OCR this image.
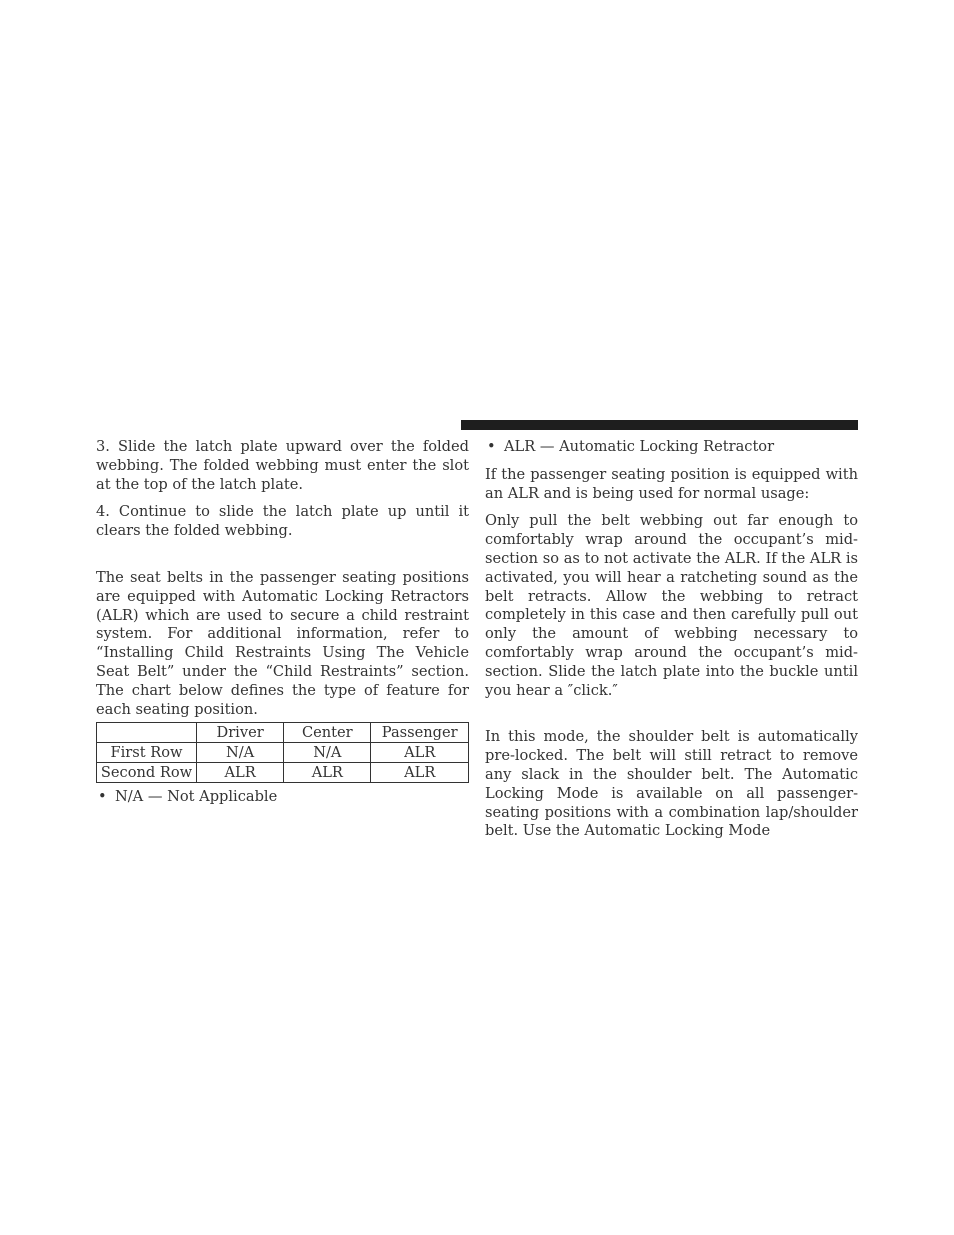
3. Slide the latch plate upward over the folded webbing. The folded webbing must enter the slot at the top of the latch plate.

4. Continue to slide the latch plate up until it clears the folded webbing.

The seat belts in the passenger seating positions are equipped with Automatic Locking Retractors (ALR) which are used to secure a child restraint system. For additional information, refer to “Installing Child Restraints Using The Vehicle Seat Belt” under the “Child Restraints” section. The chart below defines the type of feature for each seating position.

	Driver	Center	Passenger
First Row	N/A	N/A	ALR
Second Row	ALR	ALR	ALR

• N/A — Not Applicable

• ALR — Automatic Locking Retractor

If the passenger seating position is equipped with an ALR and is being used for normal usage:

Only pull the belt webbing out far enough to comfortably wrap around the occupant’s mid-section so as to not activate the ALR. If the ALR is activated, you will hear a ratcheting sound as the belt retracts. Allow the webbing to retract completely in this case and then carefully pull out only the amount of webbing necessary to comfortably wrap around the occupant’s mid-section. Slide the latch plate into the buckle until you hear a ″click.″

In this mode, the shoulder belt is automatically pre-locked. The belt will still retract to remove any slack in the shoulder belt. The Automatic Locking Mode is available on all passenger-seating positions with a combination lap/shoulder belt. Use the Automatic Locking Mode
